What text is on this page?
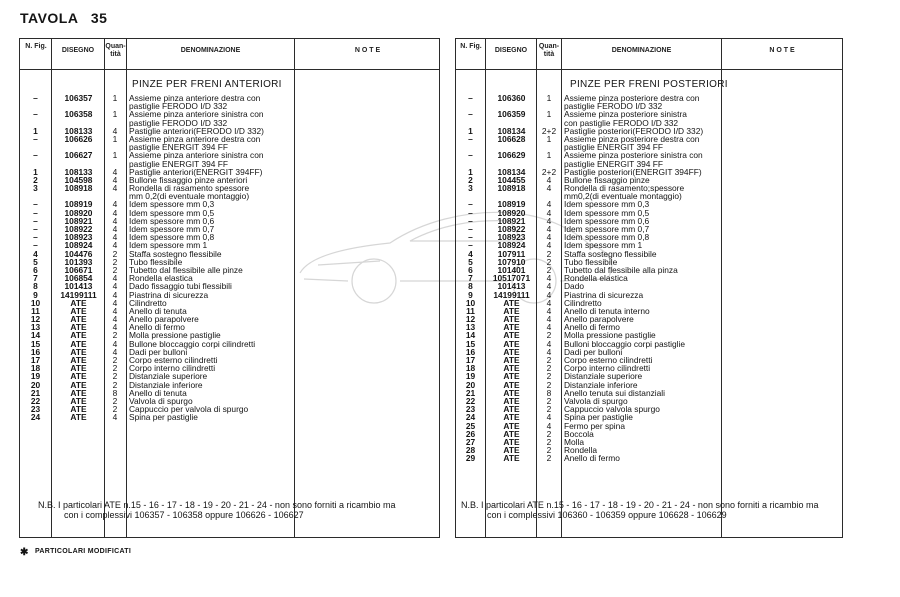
TAVOLA 35
N. Fig.
DISEGNO
Quan- tità
DENOMINAZIONE	N O T E
PINZE PER FRENI ANTERIORI
–	106357	1	Assieme pinza anteriore destra con
pastiglie FERODO I/D 332
–	106358	1	Assieme pinza anteriore sinistra con
pastiglie FERODO I/D 332
1	108133	4	Pastiglie anteriori(FERODO I/D 332)
–	106626	1	Assieme pinza anteriore destra con
pastiglie ENERGIT 394 FF
–	106627	1	Assieme pinza anteriore sinistra con
pastiglie ENERGIT 394 FF
1	108133	4	Pastiglie anteriori(ENERGIT 394FF)
2	104598	4	Bullone fissaggio pinze anteriori
3	108918	4	Rondella di rasamento spessore
mm 0,2(di eventuale montaggio)
–	108919	4	Idem spessore mm 0,3
–	108920	4	Idem spessore mm 0,5
–	108921	4	Idem spessore mm 0,6
–	108922	4	Idem spessore mm 0,7
–	108923	4	Idem spessore mm 0,8
–	108924	4	Idem spessore mm 1
4	104476	2	Staffa sostegno flessibile
5	101393	2	Tubo flessibile
6	106671	2	Tubetto dal flessibile alle pinze
7	106854	4	Rondella elastica
8	101413	4	Dado fissaggio tubi flessibili
9	14199111	4	Piastrina di sicurezza
10	ATE	4	Cilindretto
11	ATE	4	Anello di tenuta
12	ATE	4	Anello parapolvere
13	ATE	4	Anello di fermo
14	ATE	2	Molla pressione pastiglie
15	ATE	4	Bullone bloccaggio corpi cilindretti
16	ATE	4	Dadi per bulloni
17	ATE	2	Corpo esterno cilindretti
18	ATE	2	Corpo interno cilindretti
19	ATE	2	Distanziale superiore
20	ATE	2	Distanziale inferiore
21	ATE	8	Anello di tenuta
22	ATE	2	Valvola di spurgo
23	ATE	2	Cappuccio per valvola di spurgo
24	ATE	4	Spina per pastiglie
N.B. I particolari ATE n.15 - 16 - 17 - 18 - 19 - 20 - 21 - 24 - non sono forniti a ricambio ma
con i complessivi 106357 - 106358 oppure 106626 - 106627
N. Fig.
DISEGNO
Quan- tità
DENOMINAZIONE	N O T E
PINZE PER FRENI POSTERIORI
–	106360	1	Assieme pinza posteriore destra con
pastiglie FERODO I/D 332
–	106359	1	Assieme pinza posteriore sinistra
con pastiglie FERODO I/D 332
1	108134	2+2 Pastiglie posteriori(FERODO I/D 332)
–	106628	1	Assieme pinza posteriore destra con
pastiglie ENERGIT 394 FF
–	106629	1	Assieme pinza posteriore sinistra con
pastiglie ENERGIT 394 FF
1	108134	2+2 Pastiglie posteriori(ENERGIT 394FF)
2	104455	4	Bullone fissaggio pinze
3	108918	4	Rondella di rasamento;spessore
mm0,2(di eventuale montaggio)
–	108919	4	Idem spessore mm 0,3
–	108920	4	Idem spessore mm 0,5
–	108921	4	Idem spessore mm 0,6
–	108922	4	Idem spessore mm 0,7
–	108923	4	Idem spessore mm 0,8
–	108924	4	Idem spessore mm 1
4	107911	2	Staffa sostegno flessibile
5	107910	2	Tubo flessibile
6	101401	2	Tubetto dal flessibile alla pinza
7	10517071	4	Rondella elastica
8	101413	4	Dado
9	14199111	4	Piastrina di sicurezza
10	ATE	4	Cilindretto
11	ATE	4	Anello di tenuta interno
12	ATE	4	Anello parapolvere
13	ATE	4	Anello di fermo
14	ATE	2	Molla pressione pastiglie
15	ATE	4	Bulloni bloccaggio corpi pastiglie
16	ATE	4	Dadi per bulloni
17	ATE	2	Corpo esterno cilindretti
18	ATE	2	Corpo interno cilindretti
19	ATE	2	Distanziale superiore
20	ATE	2	Distanziale inferiore
21	ATE	8	Anello tenuta sui distanziali
22	ATE	2	Valvola di spurgo
23	ATE	2	Cappuccio valvola spurgo
24	ATE	4	Spina per pastiglie
25	ATE	4	Fermo per spina
26	ATE	2	Boccola
27	ATE	2	Molla
28	ATE	2	Rondella
29	ATE	2	Anello di fermo
N.B. I particolari ATE n.15 - 16 - 17 - 18 - 19 - 20 - 21 - 24 - non sono forniti a ricambio ma
con i complessivi 106360 - 106359 oppure 106628 - 106629
✱ PARTICOLARI MODIFICATI
